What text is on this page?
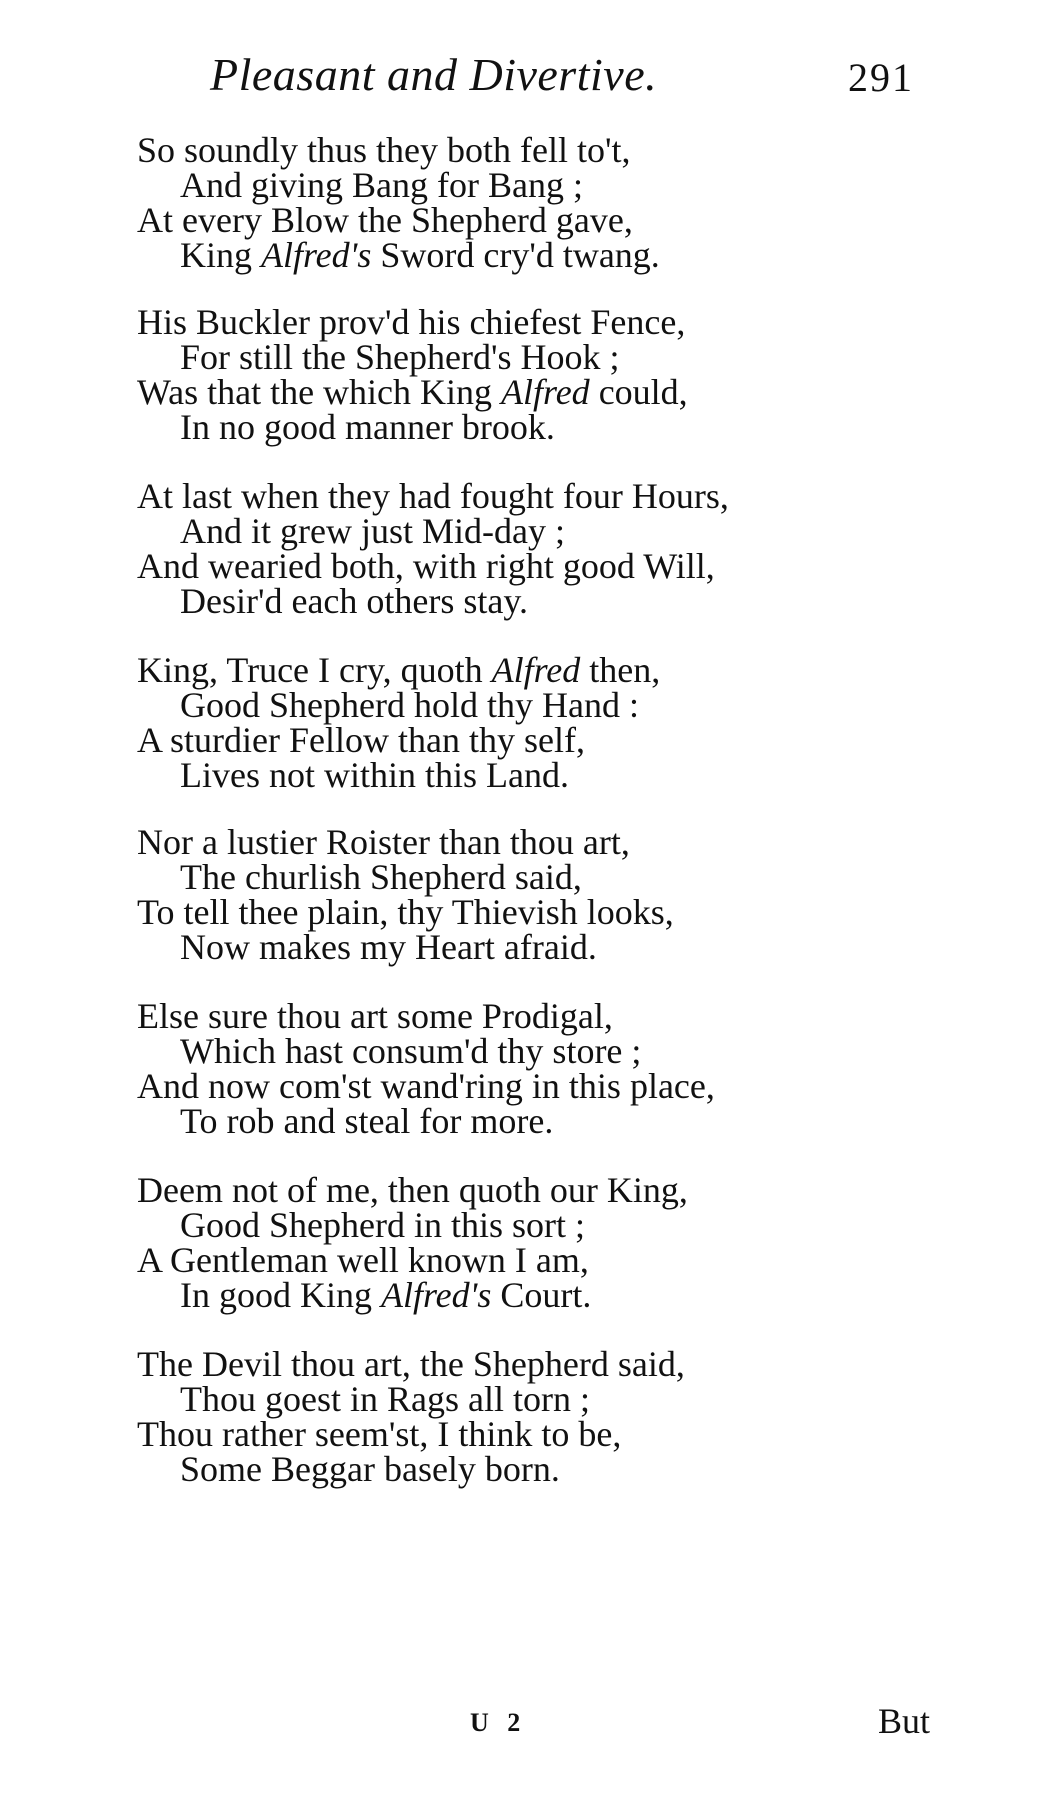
Pleasant and Divertive.	291
So soundly thus they both fell to't,
And giving Bang for Bang ;
At every Blow the Shepherd gave,
King Alfred's Sword cry'd twang.
His Buckler prov'd his chiefest Fence,
For still the Shepherd's Hook ;
Was that the which King Alfred could,
In no good manner brook.
At last when they had fought four Hours,
And it grew just Mid-day ;
And wearied both, with right good Will,
Desir'd each others stay.
King, Truce I cry, quoth Alfred then,
Good Shepherd hold thy Hand :
A sturdier Fellow than thy self,
Lives not within this Land.
Nor a lustier Roister than thou art,
The churlish Shepherd said,
To tell thee plain, thy Thievish looks,
Now makes my Heart afraid.
Else sure thou art some Prodigal,
Which hast consum'd thy store ;
And now com'st wand'ring in this place,
To rob and steal for more.
Deem not of me, then quoth our King,
Good Shepherd in this sort ;
A Gentleman well known I am,
In good King Alfred's Court.
The Devil thou art, the Shepherd said,
Thou goest in Rags all torn ;
Thou rather seem'st, I think to be,
Some Beggar basely born.
U 2	But
